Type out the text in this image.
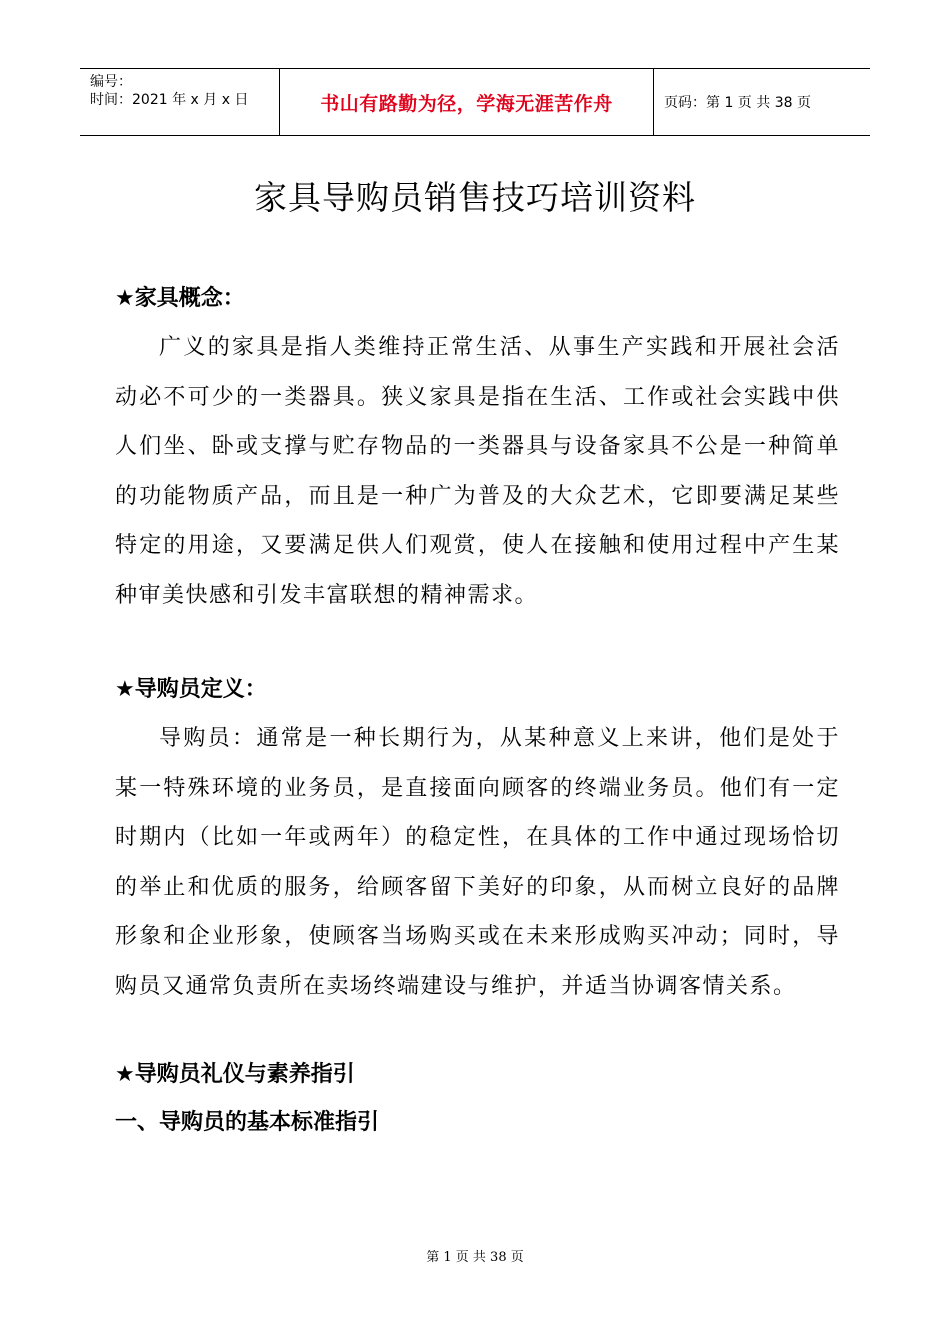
编号：
时间：2021 年 x 月 x 日	书山有路勤为径，学海无涯苦作舟	页码：第 1 页 共 38 页
家具导购员销售技巧培训资料

★家具概念：

广义的家具是指人类维持正常生活、从事生产实践和开展社会活动必不可少的一类器具。狭义家具是指在生活、工作或社会实践中供人们坐、卧或支撑与贮存物品的一类器具与设备家具不公是一种简单的功能物质产品，而且是一种广为普及的大众艺术，它即要满足某些特定的用途，又要满足供人们观赏，使人在接触和使用过程中产生某种审美快感和引发丰富联想的精神需求。

★导购员定义：

导购员：通常是一种长期行为，从某种意义上来讲，他们是处于某一特殊环境的业务员，是直接面向顾客的终端业务员。他们有一定时期内（比如一年或两年）的稳定性，在具体的工作中通过现场恰切的举止和优质的服务，给顾客留下美好的印象，从而树立良好的品牌形象和企业形象，使顾客当场购买或在未来形成购买冲动；同时，导购员又通常负责所在卖场终端建设与维护，并适当协调客情关系。

★导购员礼仪与素养指引

一、导购员的基本标准指引

第 1 页 共 38 页
